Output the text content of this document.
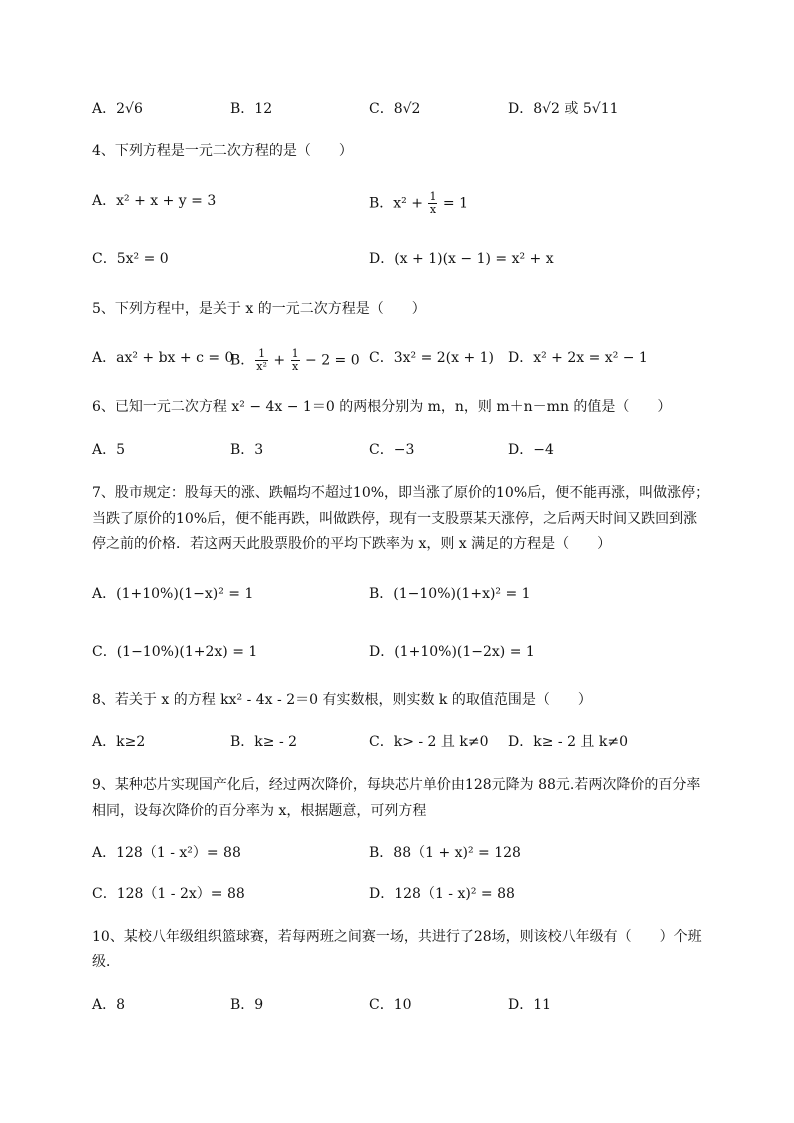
A．2√6	B．12	C．8√2	D．8√2 或 5√11
4、下列方程是一元二次方程的是（　　）
A．x² + x + y = 3	B．$x^2 + \frac{1}{x} = 1$
C．5x² = 0	D．(x + 1)(x − 1) = x² + x
5、下列方程中，是关于 x 的一元二次方程是（　　）
A．ax² + bx + c = 0
B． $\frac{1}{\text{x²}} + \frac{1}{x} - 2 = 0$ C．3x² = 2(x + 1) D．x² + 2x = x² − 1
6、已知一元二次方程 x² − 4x − 1＝0 的两根分别为 m，n，则 m＋n－mn 的值是（　　）
A．5	B．3	C．−3	D．−4
7、股市规定：股每天的涨、跌幅均不超过10%，即当涨了原价的10%后，便不能再涨，叫做涨停；
当跌了原价的10%后，便不能再跌，叫做跌停，现有一支股票某天涨停，之后两天时间又跌回到涨
停之前的价格．若这两天此股票股价的平均下跌率为 x，则 x 满足的方程是（　　）
A．(1+10%)(1−x)² = 1	B．(1−10%)(1+x)² = 1
C．(1−10%)(1+2x) = 1	D．(1+10%)(1−2x) = 1
8、若关于 x 的方程 kx² - 4x - 2＝0 有实数根，则实数 k 的取值范围是（　　）
A．k≥2	B．k≥ - 2	C．k> - 2 且 k≠0 D．k≥ - 2 且 k≠0
9、某种芯片实现国产化后，经过两次降价，每块芯片单价由128元降为 88元.若两次降价的百分率
相同，设每次降价的百分率为 x，根据题意，可列方程
A．128（1 - x²）= 88	B．88（1 + x)² = 128
C．128（1 - 2x）= 88	D．128（1 - x)² = 88
10、某校八年级组织篮球赛，若每两班之间赛一场，共进行了28场，则该校八年级有（　　）个班
级．
A．8	B．9	C．10	D．11
